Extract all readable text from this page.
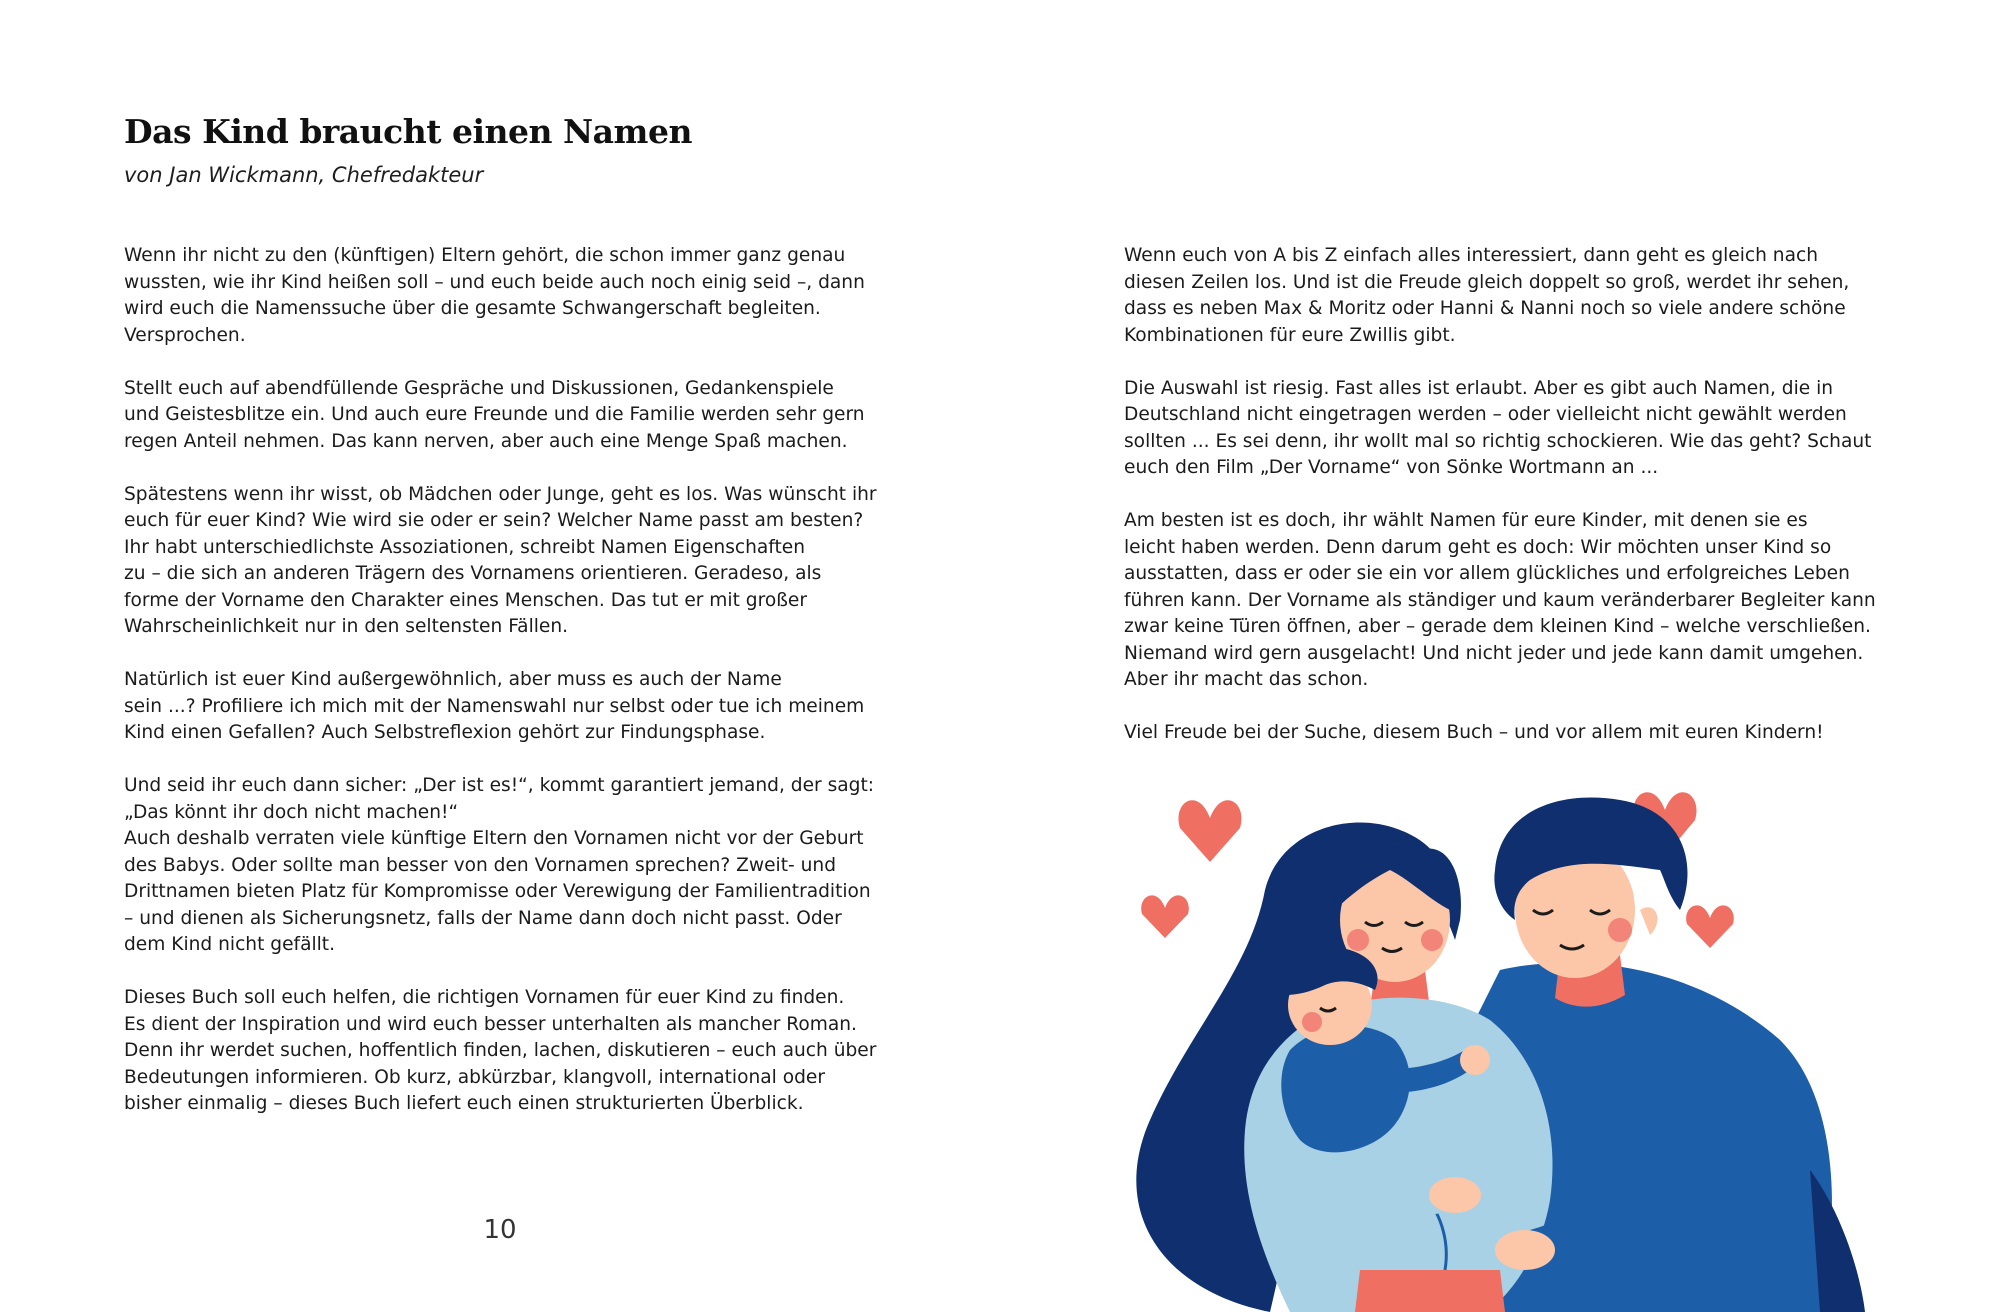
Das Kind braucht einen Namen
von Jan Wickmann, Chefredakteur

Wenn ihr nicht zu den (künftigen) Eltern gehört, die schon immer ganz genau
wussten, wie ihr Kind heißen soll – und euch beide auch noch einig seid –, dann
wird euch die Namenssuche über die gesamte Schwangerschaft begleiten.
Versprochen.

Stellt euch auf abendfüllende Gespräche und Diskussionen, Gedankenspiele
und Geistesblitze ein. Und auch eure Freunde und die Familie werden sehr gern
regen Anteil nehmen. Das kann nerven, aber auch eine Menge Spaß machen.

Spätestens wenn ihr wisst, ob Mädchen oder Junge, geht es los. Was wünscht ihr
euch für euer Kind? Wie wird sie oder er sein? Welcher Name passt am besten?
Ihr habt unterschiedlichste Assoziationen, schreibt Namen Eigenschaften
zu – die sich an anderen Trägern des Vornamens orientieren. Geradeso, als
forme der Vorname den Charakter eines Menschen. Das tut er mit großer
Wahrscheinlichkeit nur in den seltensten Fällen.

Natürlich ist euer Kind außergewöhnlich, aber muss es auch der Name
sein ...? Profiliere ich mich mit der Namenswahl nur selbst oder tue ich meinem
Kind einen Gefallen? Auch Selbstreflexion gehört zur Findungsphase.

Und seid ihr euch dann sicher: „Der ist es!“, kommt garantiert jemand, der sagt:
„Das könnt ihr doch nicht machen!“
Auch deshalb verraten viele künftige Eltern den Vornamen nicht vor der Geburt
des Babys. Oder sollte man besser von den Vornamen sprechen? Zweit- und
Drittnamen bieten Platz für Kompromisse oder Verewigung der Familientradition
– und dienen als Sicherungsnetz, falls der Name dann doch nicht passt. Oder
dem Kind nicht gefällt.

Dieses Buch soll euch helfen, die richtigen Vornamen für euer Kind zu finden.
Es dient der Inspiration und wird euch besser unterhalten als mancher Roman.
Denn ihr werdet suchen, hoffentlich finden, lachen, diskutieren – euch auch über
Bedeutungen informieren. Ob kurz, abkürzbar, klangvoll, international oder
bisher einmalig – dieses Buch liefert euch einen strukturierten Überblick.

10

Wenn euch von A bis Z einfach alles interessiert, dann geht es gleich nach
diesen Zeilen los. Und ist die Freude gleich doppelt so groß, werdet ihr sehen,
dass es neben Max & Moritz oder Hanni & Nanni noch so viele andere schöne
Kombinationen für eure Zwillis gibt.

Die Auswahl ist riesig. Fast alles ist erlaubt. Aber es gibt auch Namen, die in
Deutschland nicht eingetragen werden – oder vielleicht nicht gewählt werden
sollten ... Es sei denn, ihr wollt mal so richtig schockieren. Wie das geht? Schaut
euch den Film „Der Vorname“ von Sönke Wortmann an ...

Am besten ist es doch, ihr wählt Namen für eure Kinder, mit denen sie es
leicht haben werden. Denn darum geht es doch: Wir möchten unser Kind so
ausstatten, dass er oder sie ein vor allem glückliches und erfolgreiches Leben
führen kann. Der Vorname als ständiger und kaum veränderbarer Begleiter kann
zwar keine Türen öffnen, aber – gerade dem kleinen Kind – welche verschließen.
Niemand wird gern ausgelacht! Und nicht jeder und jede kann damit umgehen.
Aber ihr macht das schon.

Viel Freude bei der Suche, diesem Buch – und vor allem mit euren Kindern!
